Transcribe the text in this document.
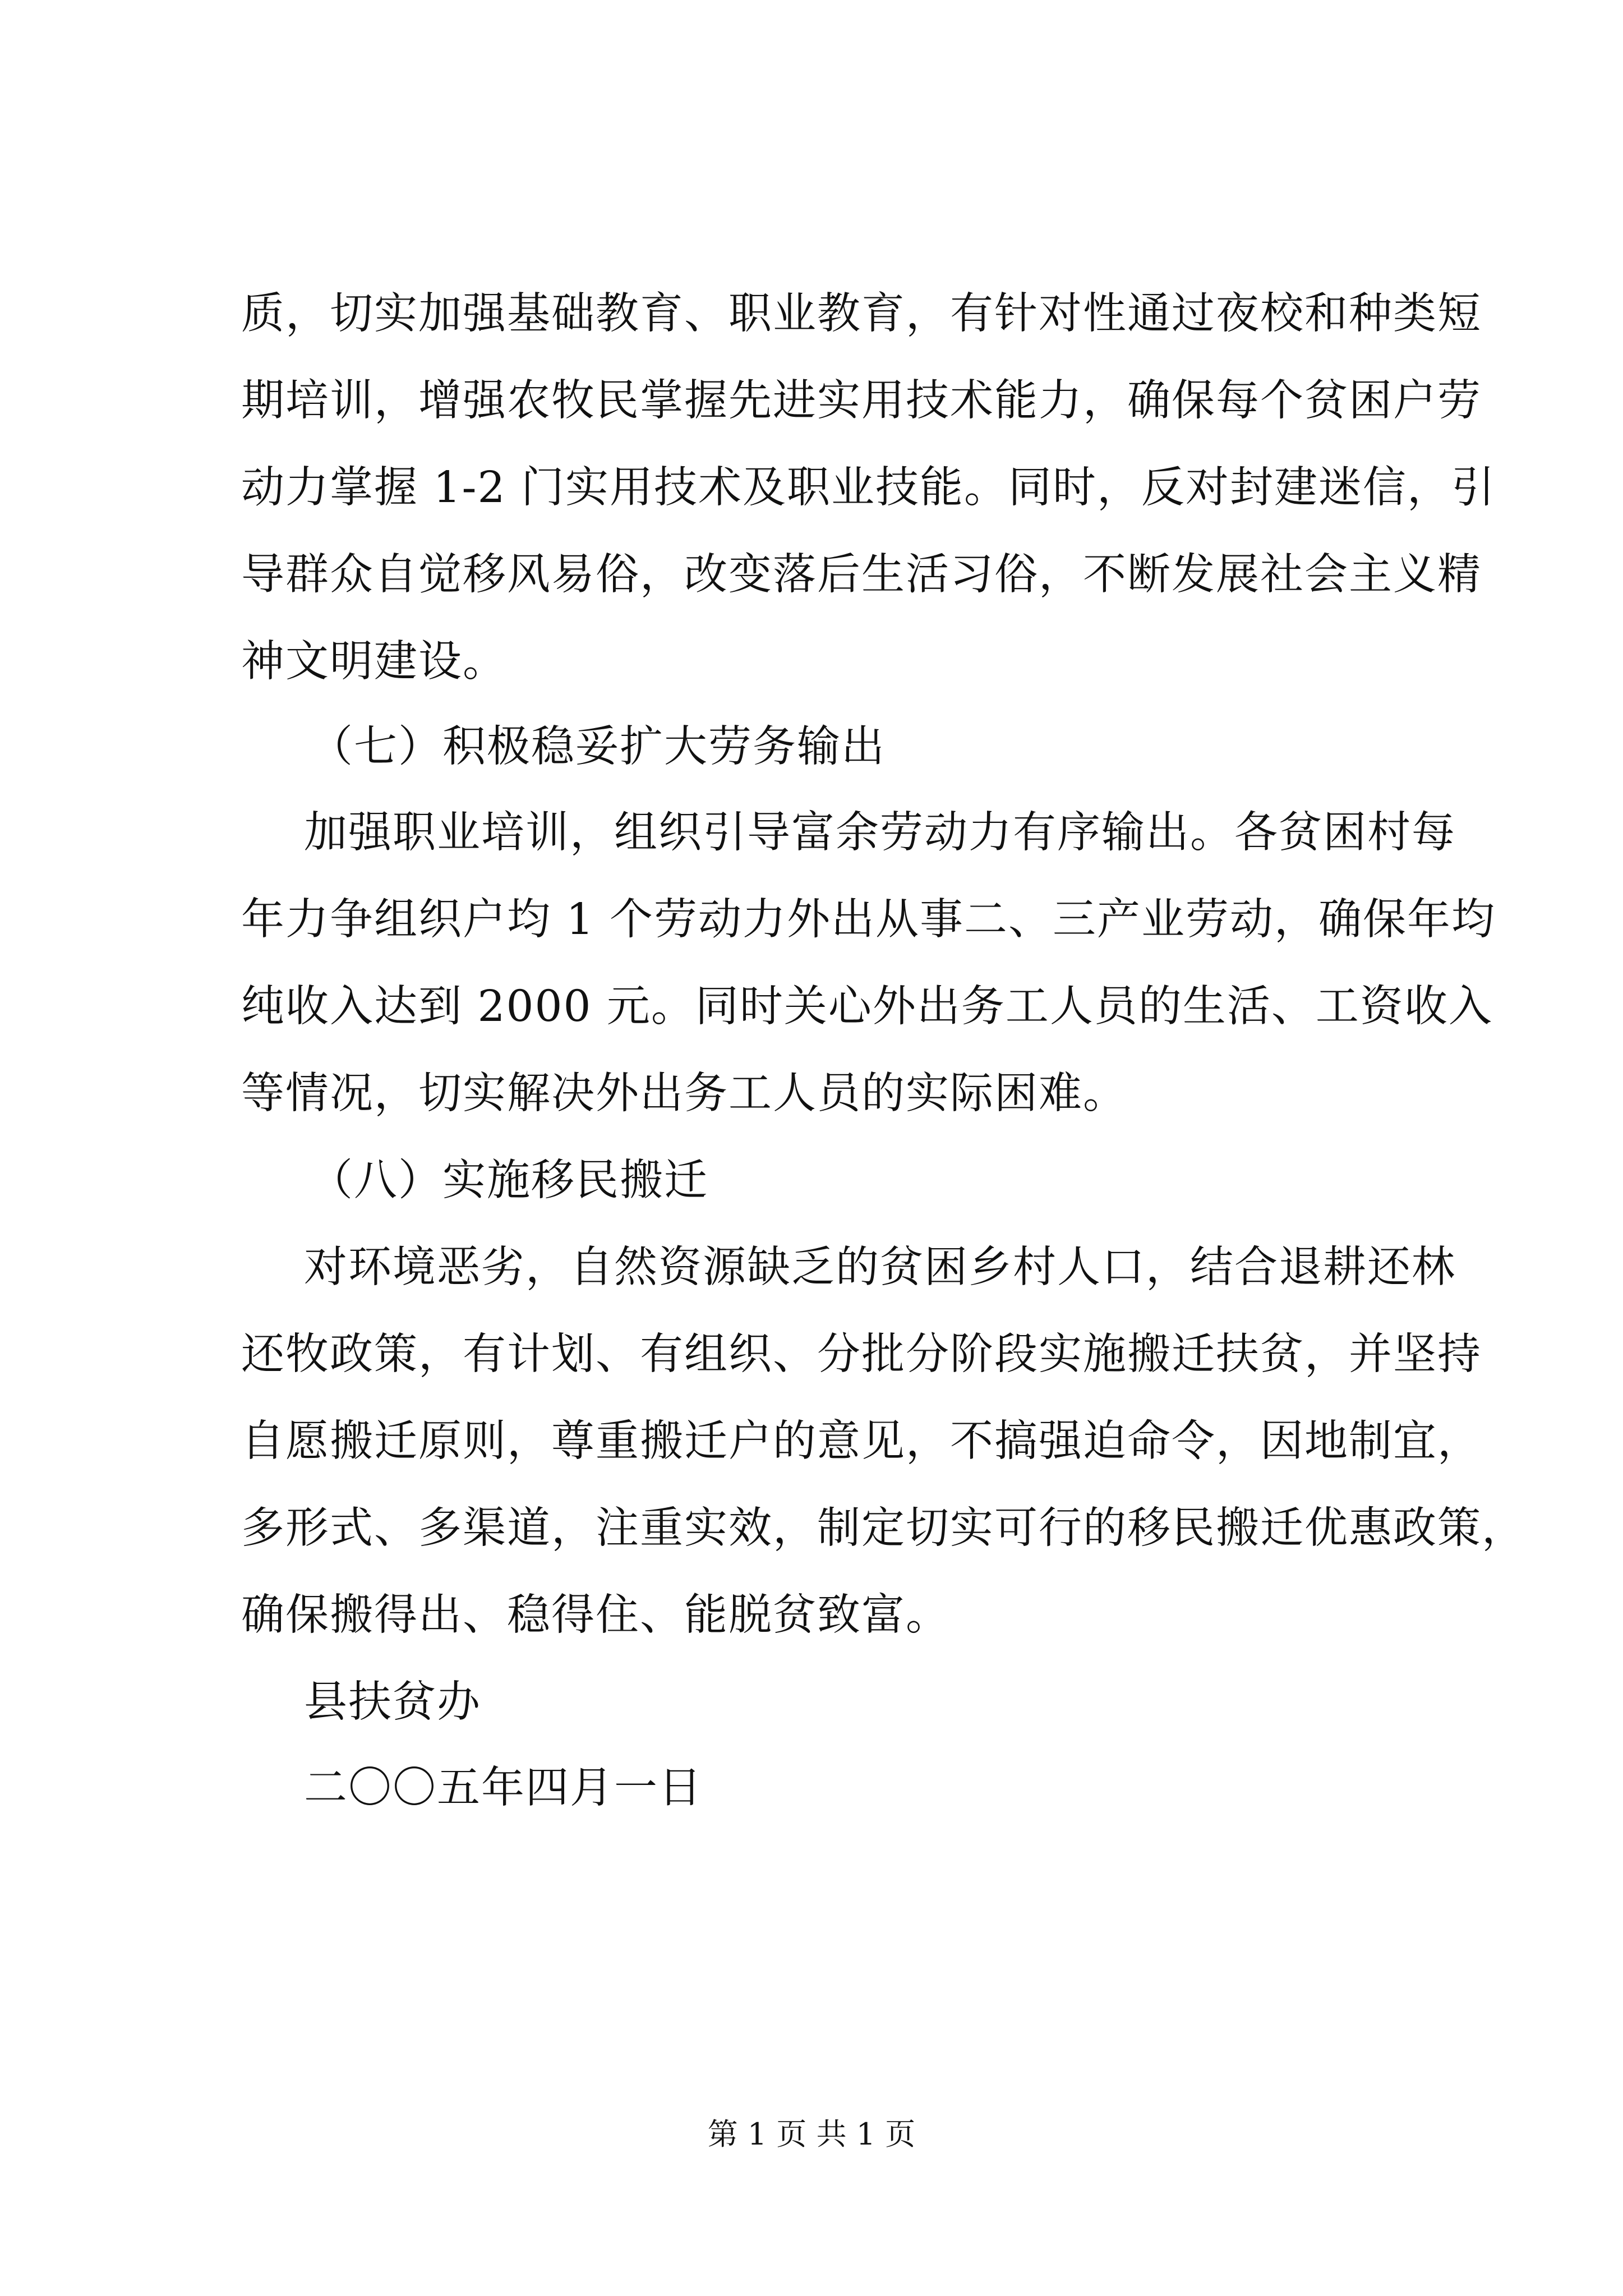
质，切实加强基础教育、职业教育，有针对性通过夜校和种类短
期培训，增强农牧民掌握先进实用技术能力，确保每个贫困户劳
动力掌握 1-2 门实用技术及职业技能。同时，反对封建迷信，引
导群众自觉移风易俗，改变落后生活习俗，不断发展社会主义精
神文明建设。
（七）积极稳妥扩大劳务输出
加强职业培训，组织引导富余劳动力有序输出。各贫困村每
年力争组织户均 1 个劳动力外出从事二、三产业劳动，确保年均
纯收入达到 2000 元。同时关心外出务工人员的生活、工资收入
等情况，切实解决外出务工人员的实际困难。
（八）实施移民搬迁
对环境恶劣，自然资源缺乏的贫困乡村人口，结合退耕还林
还牧政策，有计划、有组织、分批分阶段实施搬迁扶贫，并坚持
自愿搬迁原则，尊重搬迁户的意见，不搞强迫命令，因地制宜，
多形式、多渠道，注重实效，制定切实可行的移民搬迁优惠政策，
确保搬得出、稳得住、能脱贫致富。
县扶贫办
二〇〇五年四月一日
第 1 页 共 1 页
